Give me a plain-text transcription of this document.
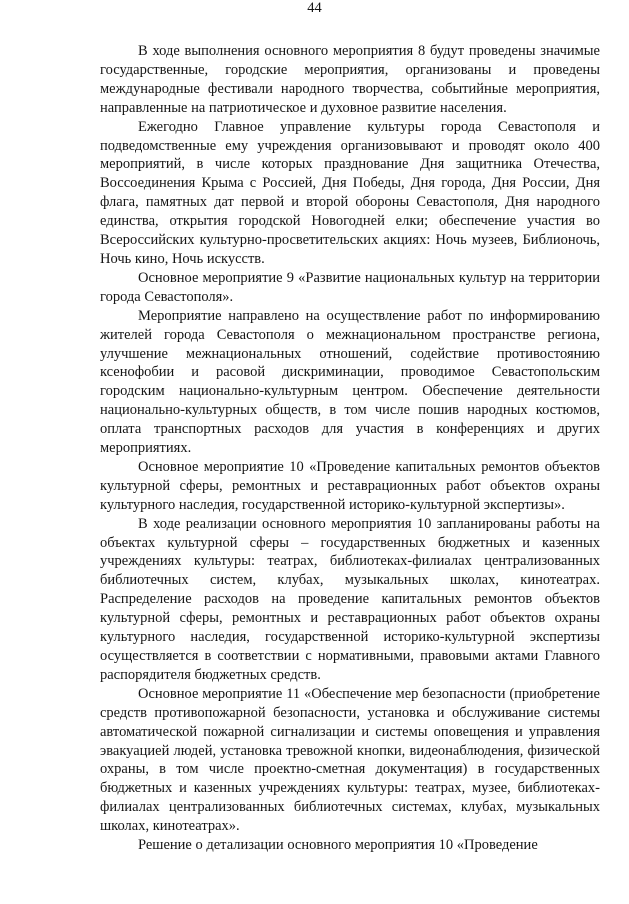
44

В ходе выполнения основного мероприятия 8 будут проведены значимые государственные, городские мероприятия, организованы и проведены международные фестивали народного творчества, событийные мероприятия, направленные на патриотическое и духовное развитие населения.

Ежегодно Главное управление культуры города Севастополя и подведомственные ему учреждения организовывают и проводят около 400 мероприятий, в числе которых празднование Дня защитника Отечества, Воссоединения Крыма с Россией, Дня Победы, Дня города, Дня России, Дня флага, памятных дат первой и второй обороны Севастополя, Дня народного единства, открытия городской Новогодней елки; обеспечение участия во Всероссийских культурно-просветительских акциях: Ночь музеев, Библионочь, Ночь кино, Ночь искусств.

Основное мероприятие 9 «Развитие национальных культур на территории города Севастополя».

Мероприятие направлено на осуществление работ по информированию жителей города Севастополя о межнациональном пространстве региона, улучшение межнациональных отношений, содействие противостоянию ксенофобии и расовой дискриминации, проводимое Севастопольским городским национально-культурным центром. Обеспечение деятельности национально-культурных обществ, в том числе пошив народных костюмов, оплата транспортных расходов для участия в конференциях и других мероприятиях.

Основное мероприятие 10 «Проведение капитальных ремонтов объектов культурной сферы, ремонтных и реставрационных работ объектов охраны культурного наследия, государственной историко-культурной экспертизы».

В ходе реализации основного мероприятия 10 запланированы работы на объектах культурной сферы – государственных бюджетных и казенных учреждениях культуры: театрах, библиотеках-филиалах централизованных библиотечных систем, клубах, музыкальных школах, кинотеатрах. Распределение расходов на проведение капитальных ремонтов объектов культурной сферы, ремонтных и реставрационных работ объектов охраны культурного наследия, государственной историко-культурной экспертизы осуществляется в соответствии с нормативными, правовыми актами Главного распорядителя бюджетных средств.

Основное мероприятие 11 «Обеспечение мер безопасности (приобретение средств противопожарной безопасности, установка и обслуживание системы автоматической пожарной сигнализации и системы оповещения и управления эвакуацией людей, установка тревожной кнопки, видеонаблюдения, физической охраны, в том числе проектно-сметная документация) в государственных бюджетных и казенных учреждениях культуры: театрах, музее, библиотеках-филиалах централизованных библиотечных системах, клубах, музыкальных школах, кинотеатрах».

Решение о детализации основного мероприятия 10 «Проведение
